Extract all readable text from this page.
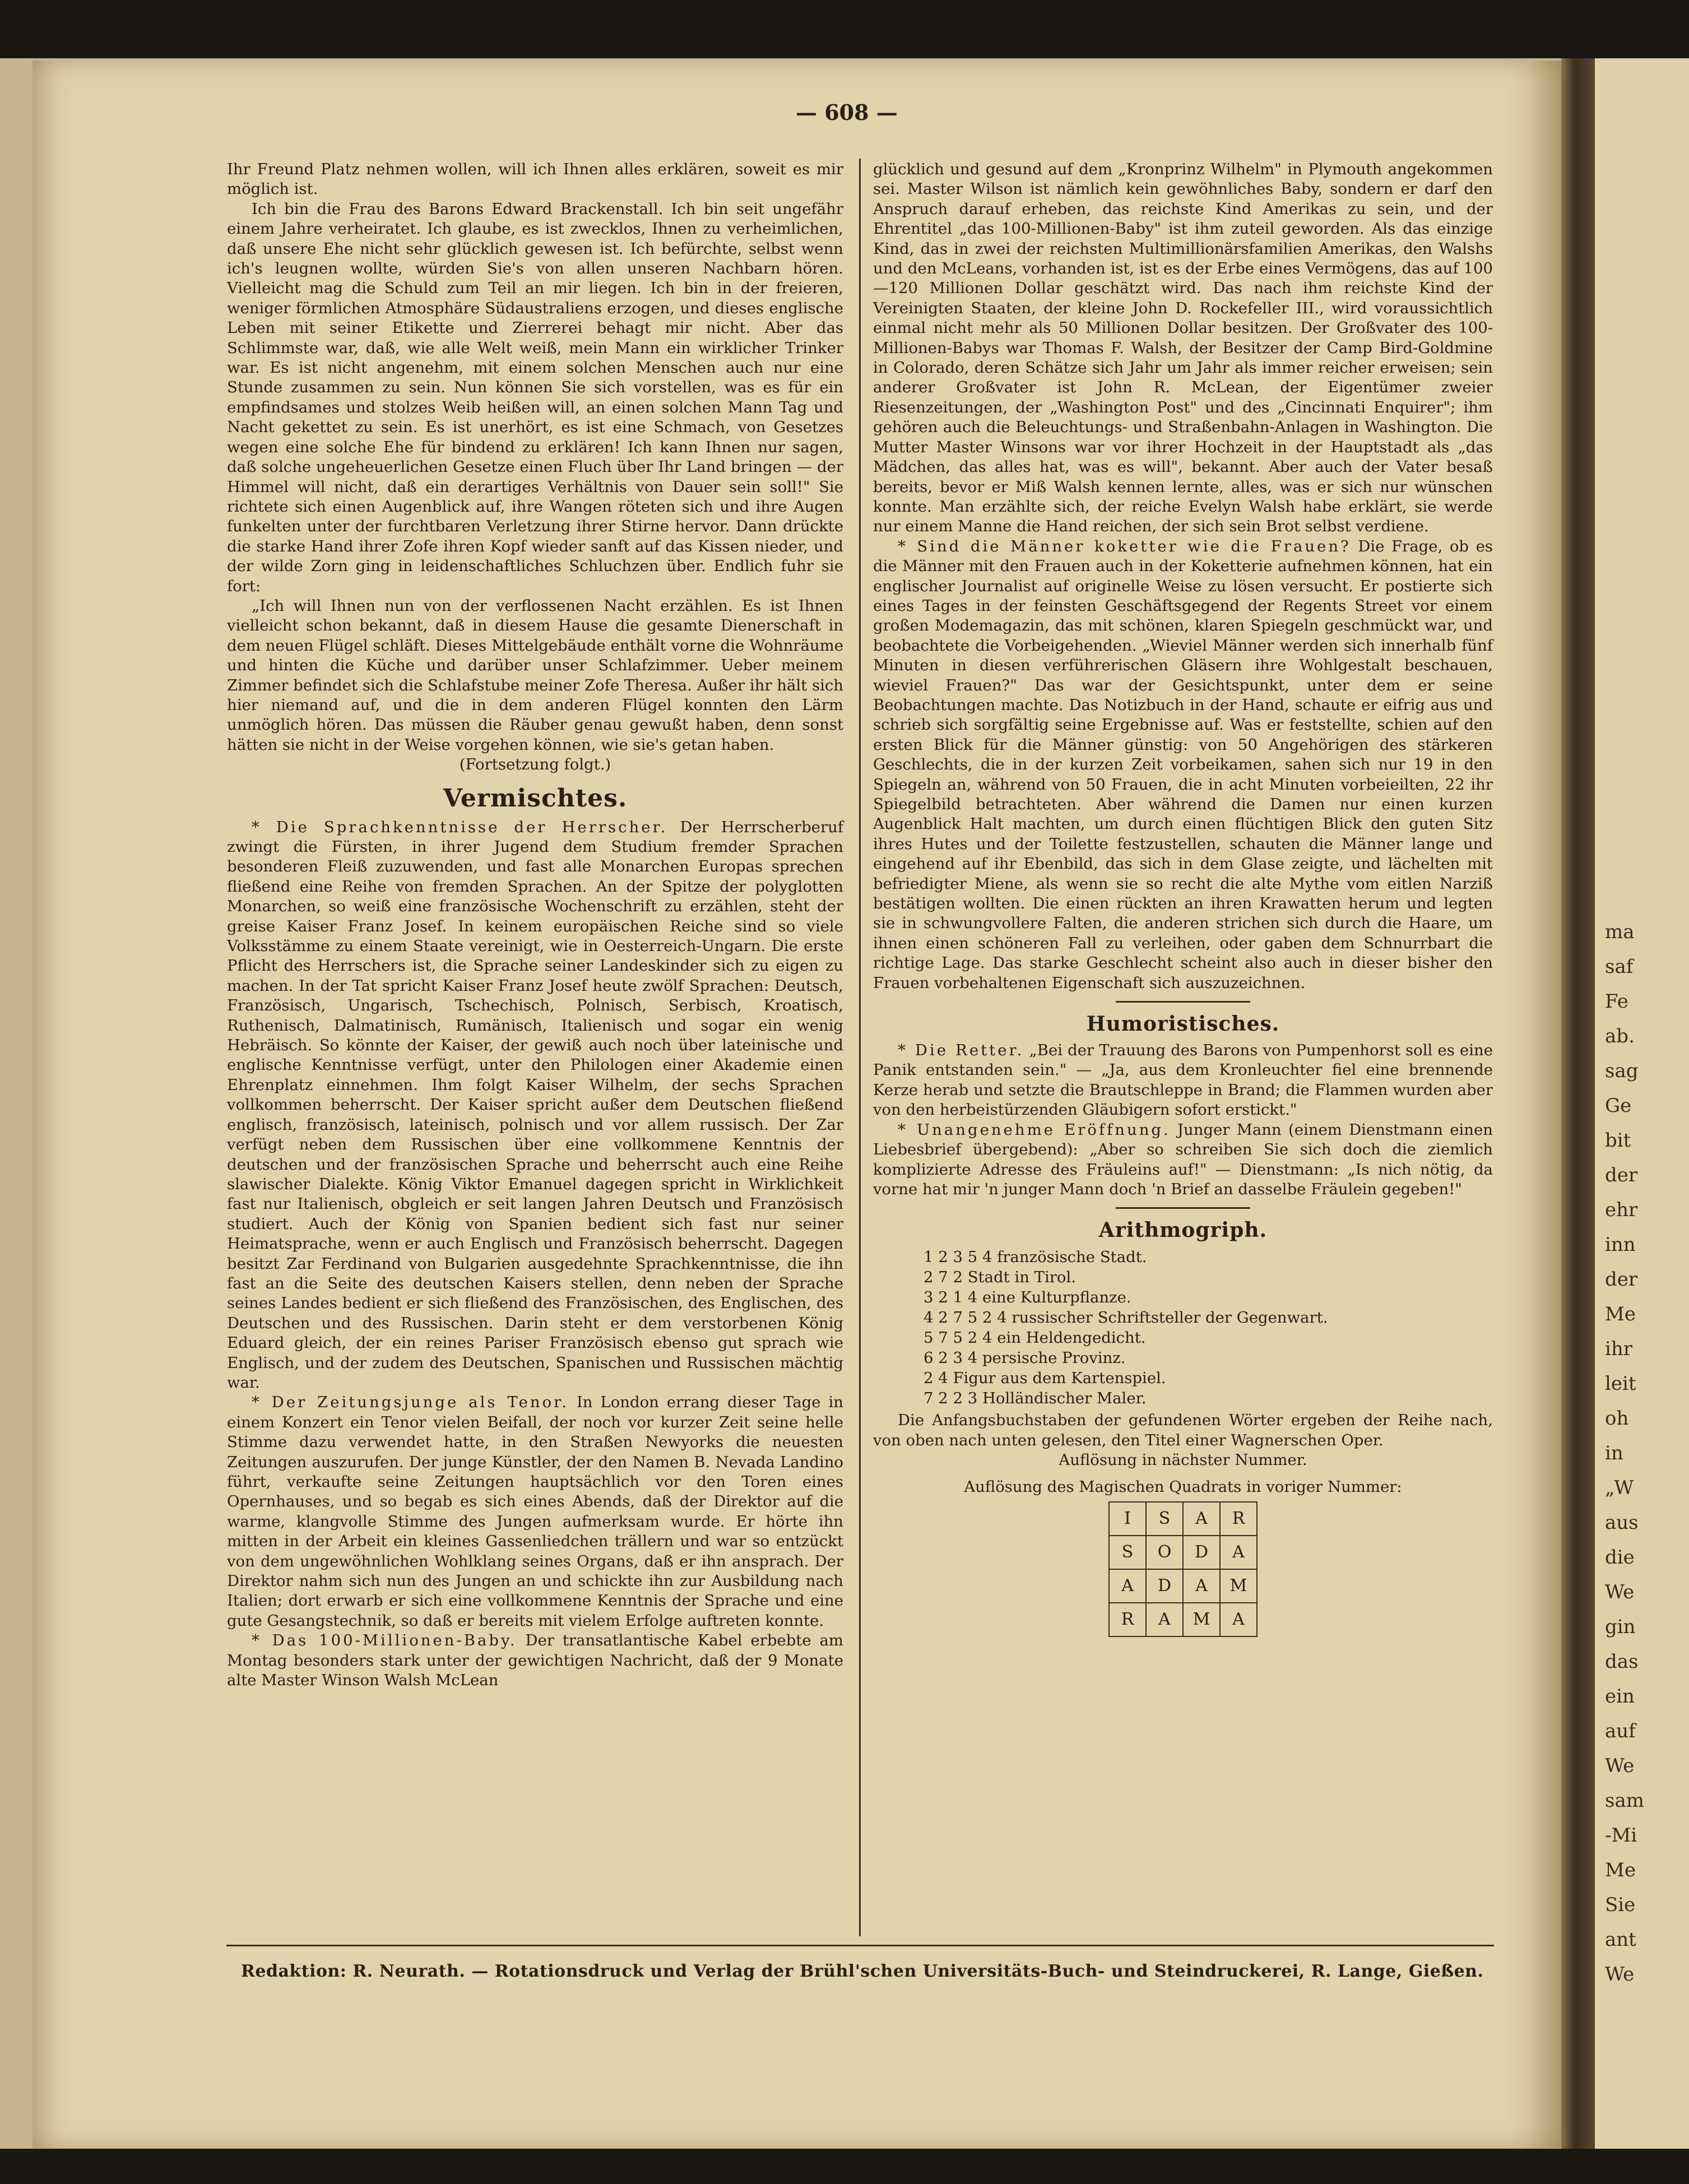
ma
saf
Fe
ab.
sag
Ge
bit
der
ehr
inn
der
Me
ihr
leit
oh
in
„W
aus
die
We
gin
das
ein
auf
We
sam
-Mi
Me
Sie
ant
We
— 608 —

Ihr Freund Platz nehmen wollen, will ich Ihnen alles erklären, soweit es mir möglich ist.

Ich bin die Frau des Barons Edward Brackenstall. Ich bin seit ungefähr einem Jahre verheiratet. Ich glaube, es ist zwecklos, Ihnen zu verheimlichen, daß unsere Ehe nicht sehr glücklich gewesen ist. Ich befürchte, selbst wenn ich's leugnen wollte, würden Sie's von allen unseren Nachbarn hören. Vielleicht mag die Schuld zum Teil an mir liegen. Ich bin in der freieren, weniger förmlichen Atmosphäre Südaustraliens erzogen, und dieses englische Leben mit seiner Etikette und Zierrerei behagt mir nicht. Aber das Schlimmste war, daß, wie alle Welt weiß, mein Mann ein wirklicher Trinker war. Es ist nicht angenehm, mit einem solchen Menschen auch nur eine Stunde zusammen zu sein. Nun können Sie sich vorstellen, was es für ein empfindsames und stolzes Weib heißen will, an einen solchen Mann Tag und Nacht gekettet zu sein. Es ist unerhört, es ist eine Schmach, von Gesetzes wegen eine solche Ehe für bindend zu erklären! Ich kann Ihnen nur sagen, daß solche ungeheuerlichen Gesetze einen Fluch über Ihr Land bringen — der Himmel will nicht, daß ein derartiges Verhältnis von Dauer sein soll!" Sie richtete sich einen Augenblick auf, ihre Wangen röteten sich und ihre Augen funkelten unter der furchtbaren Verletzung ihrer Stirne hervor. Dann drückte die starke Hand ihrer Zofe ihren Kopf wieder sanft auf das Kissen nieder, und der wilde Zorn ging in leidenschaftliches Schluchzen über. Endlich fuhr sie fort:

„Ich will Ihnen nun von der verflossenen Nacht erzählen. Es ist Ihnen vielleicht schon bekannt, daß in diesem Hause die gesamte Dienerschaft in dem neuen Flügel schläft. Dieses Mittelgebäude enthält vorne die Wohnräume und hinten die Küche und darüber unser Schlafzimmer. Ueber meinem Zimmer befindet sich die Schlafstube meiner Zofe Theresa. Außer ihr hält sich hier niemand auf, und die in dem anderen Flügel konnten den Lärm unmöglich hören. Das müssen die Räuber genau gewußt haben, denn sonst hätten sie nicht in der Weise vorgehen können, wie sie's getan haben.

(Fortsetzung folgt.)

Vermischtes.

* Die Sprachkenntnisse der Herrscher. Der Herrscherberuf zwingt die Fürsten, in ihrer Jugend dem Studium fremder Sprachen besonderen Fleiß zuzuwenden, und fast alle Monarchen Europas sprechen fließend eine Reihe von fremden Sprachen. An der Spitze der polyglotten Monarchen, so weiß eine französische Wochenschrift zu erzählen, steht der greise Kaiser Franz Josef. In keinem europäischen Reiche sind so viele Volksstämme zu einem Staate vereinigt, wie in Oesterreich-Ungarn. Die erste Pflicht des Herrschers ist, die Sprache seiner Landeskinder sich zu eigen zu machen. In der Tat spricht Kaiser Franz Josef heute zwölf Sprachen: Deutsch, Französisch, Ungarisch, Tschechisch, Polnisch, Serbisch, Kroatisch, Ruthenisch, Dalmatinisch, Rumänisch, Italienisch und sogar ein wenig Hebräisch. So könnte der Kaiser, der gewiß auch noch über lateinische und englische Kenntnisse verfügt, unter den Philologen einer Akademie einen Ehrenplatz einnehmen. Ihm folgt Kaiser Wilhelm, der sechs Sprachen vollkommen beherrscht. Der Kaiser spricht außer dem Deutschen fließend englisch, französisch, lateinisch, polnisch und vor allem russisch. Der Zar verfügt neben dem Russischen über eine vollkommene Kenntnis der deutschen und der französischen Sprache und beherrscht auch eine Reihe slawischer Dialekte. König Viktor Emanuel dagegen spricht in Wirklichkeit fast nur Italienisch, obgleich er seit langen Jahren Deutsch und Französisch studiert. Auch der König von Spanien bedient sich fast nur seiner Heimatsprache, wenn er auch Englisch und Französisch beherrscht. Dagegen besitzt Zar Ferdinand von Bulgarien ausgedehnte Sprachkenntnisse, die ihn fast an die Seite des deutschen Kaisers stellen, denn neben der Sprache seines Landes bedient er sich fließend des Französischen, des Englischen, des Deutschen und des Russischen. Darin steht er dem verstorbenen König Eduard gleich, der ein reines Pariser Französisch ebenso gut sprach wie Englisch, und der zudem des Deutschen, Spanischen und Russischen mächtig war.

* Der Zeitungsjunge als Tenor. In London errang dieser Tage in einem Konzert ein Tenor vielen Beifall, der noch vor kurzer Zeit seine helle Stimme dazu verwendet hatte, in den Straßen Newyorks die neuesten Zeitungen auszurufen. Der junge Künstler, der den Namen B. Nevada Landino führt, verkaufte seine Zeitungen hauptsächlich vor den Toren eines Opernhauses, und so begab es sich eines Abends, daß der Direktor auf die warme, klangvolle Stimme des Jungen aufmerksam wurde. Er hörte ihn mitten in der Arbeit ein kleines Gassenliedchen trällern und war so entzückt von dem ungewöhnlichen Wohlklang seines Organs, daß er ihn ansprach. Der Direktor nahm sich nun des Jungen an und schickte ihn zur Ausbildung nach Italien; dort erwarb er sich eine vollkommene Kenntnis der Sprache und eine gute Gesangstechnik, so daß er bereits mit vielem Erfolge auftreten konnte.

* Das 100-Millionen-Baby. Der transatlantische Kabel erbebte am Montag besonders stark unter der gewichtigen Nachricht, daß der 9 Monate alte Master Winson Walsh McLean

glücklich und gesund auf dem „Kronprinz Wilhelm" in Plymouth angekommen sei. Master Wilson ist nämlich kein gewöhnliches Baby, sondern er darf den Anspruch darauf erheben, das reichste Kind Amerikas zu sein, und der Ehrentitel „das 100-Millionen-Baby" ist ihm zuteil geworden. Als das einzige Kind, das in zwei der reichsten Multimillionärsfamilien Amerikas, den Walshs und den McLeans, vorhanden ist, ist es der Erbe eines Vermögens, das auf 100—120 Millionen Dollar geschätzt wird. Das nach ihm reichste Kind der Vereinigten Staaten, der kleine John D. Rockefeller III., wird voraussichtlich einmal nicht mehr als 50 Millionen Dollar besitzen. Der Großvater des 100-Millionen-Babys war Thomas F. Walsh, der Besitzer der Camp Bird-Goldmine in Colorado, deren Schätze sich Jahr um Jahr als immer reicher erweisen; sein anderer Großvater ist John R. McLean, der Eigentümer zweier Riesenzeitungen, der „Washington Post" und des „Cincinnati Enquirer"; ihm gehören auch die Beleuchtungs- und Straßenbahn-Anlagen in Washington. Die Mutter Master Winsons war vor ihrer Hochzeit in der Hauptstadt als „das Mädchen, das alles hat, was es will", bekannt. Aber auch der Vater besaß bereits, bevor er Miß Walsh kennen lernte, alles, was er sich nur wünschen konnte. Man erzählte sich, der reiche Evelyn Walsh habe erklärt, sie werde nur einem Manne die Hand reichen, der sich sein Brot selbst verdiene.

* Sind die Männer koketter wie die Frauen? Die Frage, ob es die Männer mit den Frauen auch in der Koketterie aufnehmen können, hat ein englischer Journalist auf originelle Weise zu lösen versucht. Er postierte sich eines Tages in der feinsten Geschäftsgegend der Regents Street vor einem großen Modemagazin, das mit schönen, klaren Spiegeln geschmückt war, und beobachtete die Vorbeigehenden. „Wieviel Männer werden sich innerhalb fünf Minuten in diesen verführerischen Gläsern ihre Wohlgestalt beschauen, wieviel Frauen?" Das war der Gesichtspunkt, unter dem er seine Beobachtungen machte. Das Notizbuch in der Hand, schaute er eifrig aus und schrieb sich sorgfältig seine Ergebnisse auf. Was er feststellte, schien auf den ersten Blick für die Männer günstig: von 50 Angehörigen des stärkeren Geschlechts, die in der kurzen Zeit vorbeikamen, sahen sich nur 19 in den Spiegeln an, während von 50 Frauen, die in acht Minuten vorbeieilten, 22 ihr Spiegelbild betrachteten. Aber während die Damen nur einen kurzen Augenblick Halt machten, um durch einen flüchtigen Blick den guten Sitz ihres Hutes und der Toilette festzustellen, schauten die Männer lange und eingehend auf ihr Ebenbild, das sich in dem Glase zeigte, und lächelten mit befriedigter Miene, als wenn sie so recht die alte Mythe vom eitlen Narziß bestätigen wollten. Die einen rückten an ihren Krawatten herum und legten sie in schwungvollere Falten, die anderen strichen sich durch die Haare, um ihnen einen schöneren Fall zu verleihen, oder gaben dem Schnurrbart die richtige Lage. Das starke Geschlecht scheint also auch in dieser bisher den Frauen vorbehaltenen Eigenschaft sich auszuzeichnen.

Humoristisches.

* Die Retter. „Bei der Trauung des Barons von Pumpenhorst soll es eine Panik entstanden sein." — „Ja, aus dem Kronleuchter fiel eine brennende Kerze herab und setzte die Brautschleppe in Brand; die Flammen wurden aber von den herbeistürzenden Gläubigern sofort erstickt."

* Unangenehme Eröffnung. Junger Mann (einem Dienstmann einen Liebesbrief übergebend): „Aber so schreiben Sie sich doch die ziemlich komplizierte Adresse des Fräuleins auf!" — Dienstmann: „Is nich nötig, da vorne hat mir 'n junger Mann doch 'n Brief an dasselbe Fräulein gegeben!"

Arithmogriph.
1 2 3 5 4 französische Stadt.
2 7 2 Stadt in Tirol.
3 2 1 4 eine Kulturpflanze.
4 2 7 5 2 4 russischer Schriftsteller der Gegenwart.
5 7 5 2 4 ein Heldengedicht.
6 2 3 4 persische Provinz.
2 4 Figur aus dem Kartenspiel.
7 2 2 3 Holländischer Maler.

Die Anfangsbuchstaben der gefundenen Wörter ergeben der Reihe nach, von oben nach unten gelesen, den Titel einer Wagnerschen Oper.

Auflösung in nächster Nummer.

Auflösung des Magischen Quadrats in voriger Nummer:

I	S	A	R
S	O	D	A
A	D	A	M
R	A	M	A
Redaktion: R. Neurath. — Rotationsdruck und Verlag der Brühl'schen Universitäts-Buch- und Steindruckerei, R. Lange, Gießen.
